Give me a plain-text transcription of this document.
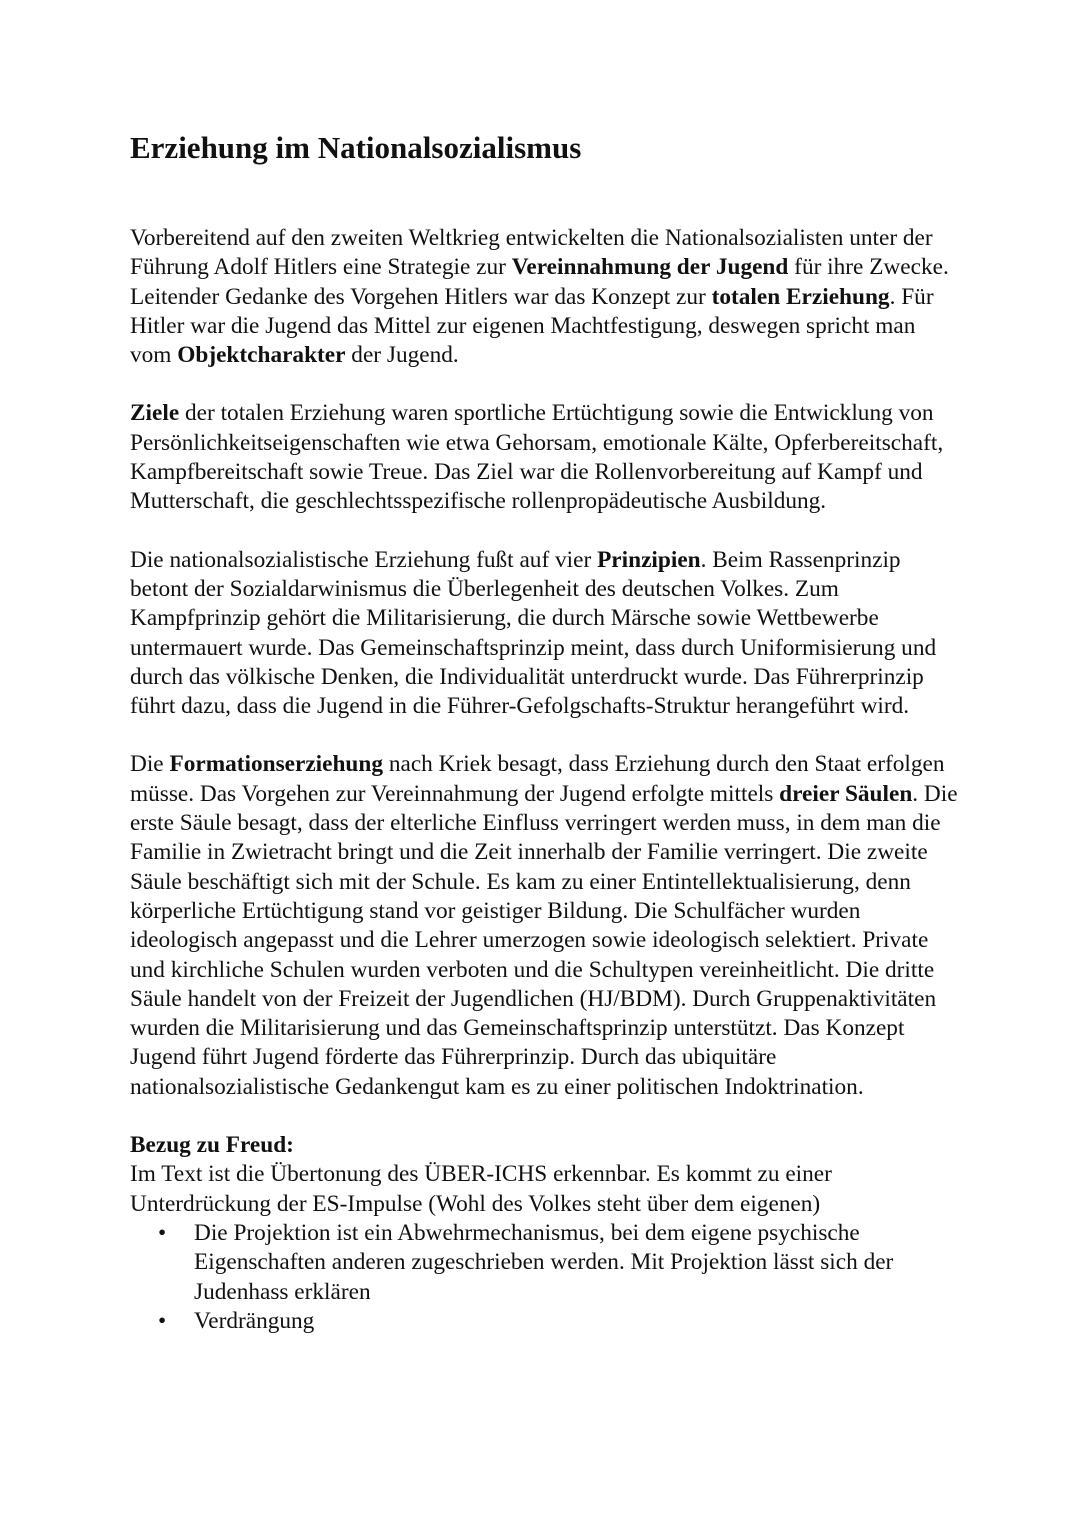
Erziehung im Nationalsozialismus

Vorbereitend auf den zweiten Weltkrieg entwickelten die Nationalsozialisten unter der Führung Adolf Hitlers eine Strategie zur Vereinnahmung der Jugend für ihre Zwecke. Leitender Gedanke des Vorgehen Hitlers war das Konzept zur totalen Erziehung. Für Hitler war die Jugend das Mittel zur eigenen Machtfestigung, deswegen spricht man vom Objektcharakter der Jugend.

Ziele der totalen Erziehung waren sportliche Ertüchtigung sowie die Entwicklung von Persönlichkeitseigenschaften wie etwa Gehorsam, emotionale Kälte, Opferbereitschaft, Kampfbereitschaft sowie Treue. Das Ziel war die Rollenvorbereitung auf Kampf und Mutterschaft, die geschlechtsspezifische rollenpropädeutische Ausbildung.

Die nationalsozialistische Erziehung fußt auf vier Prinzipien. Beim Rassenprinzip betont der Sozialdarwinismus die Überlegenheit des deutschen Volkes. Zum Kampfprinzip gehört die Militarisierung, die durch Märsche sowie Wettbewerbe untermauert wurde. Das Gemeinschaftsprinzip meint, dass durch Uniformisierung und durch das völkische Denken, die Individualität unterdruckt wurde. Das Führerprinzip führt dazu, dass die Jugend in die Führer-Gefolgschafts-Struktur herangeführt wird.

Die Formationserziehung nach Kriek besagt, dass Erziehung durch den Staat erfolgen müsse. Das Vorgehen zur Vereinnahmung der Jugend erfolgte mittels dreier Säulen. Die erste Säule besagt, dass der elterliche Einfluss verringert werden muss, in dem man die Familie in Zwietracht bringt und die Zeit innerhalb der Familie verringert. Die zweite Säule beschäftigt sich mit der Schule. Es kam zu einer Entintellektualisierung, denn körperliche Ertüchtigung stand vor geistiger Bildung. Die Schulfächer wurden ideologisch angepasst und die Lehrer umerzogen sowie ideologisch selektiert. Private und kirchliche Schulen wurden verboten und die Schultypen vereinheitlicht. Die dritte Säule handelt von der Freizeit der Jugendlichen (HJ/BDM). Durch Gruppenaktivitäten wurden die Militarisierung und das Gemeinschaftsprinzip unterstützt. Das Konzept Jugend führt Jugend förderte das Führerprinzip. Durch das ubiquitäre nationalsozialistische Gedankengut kam es zu einer politischen Indoktrination.

Bezug zu Freud:
Im Text ist die Übertonung des ÜBER-ICHS erkennbar. Es kommt zu einer Unterdrückung der ES-Impulse (Wohl des Volkes steht über dem eigenen)
• Die Projektion ist ein Abwehrmechanismus, bei dem eigene psychische Eigenschaften anderen zugeschrieben werden. Mit Projektion lässt sich der Judenhass erklären
• Verdrängung
